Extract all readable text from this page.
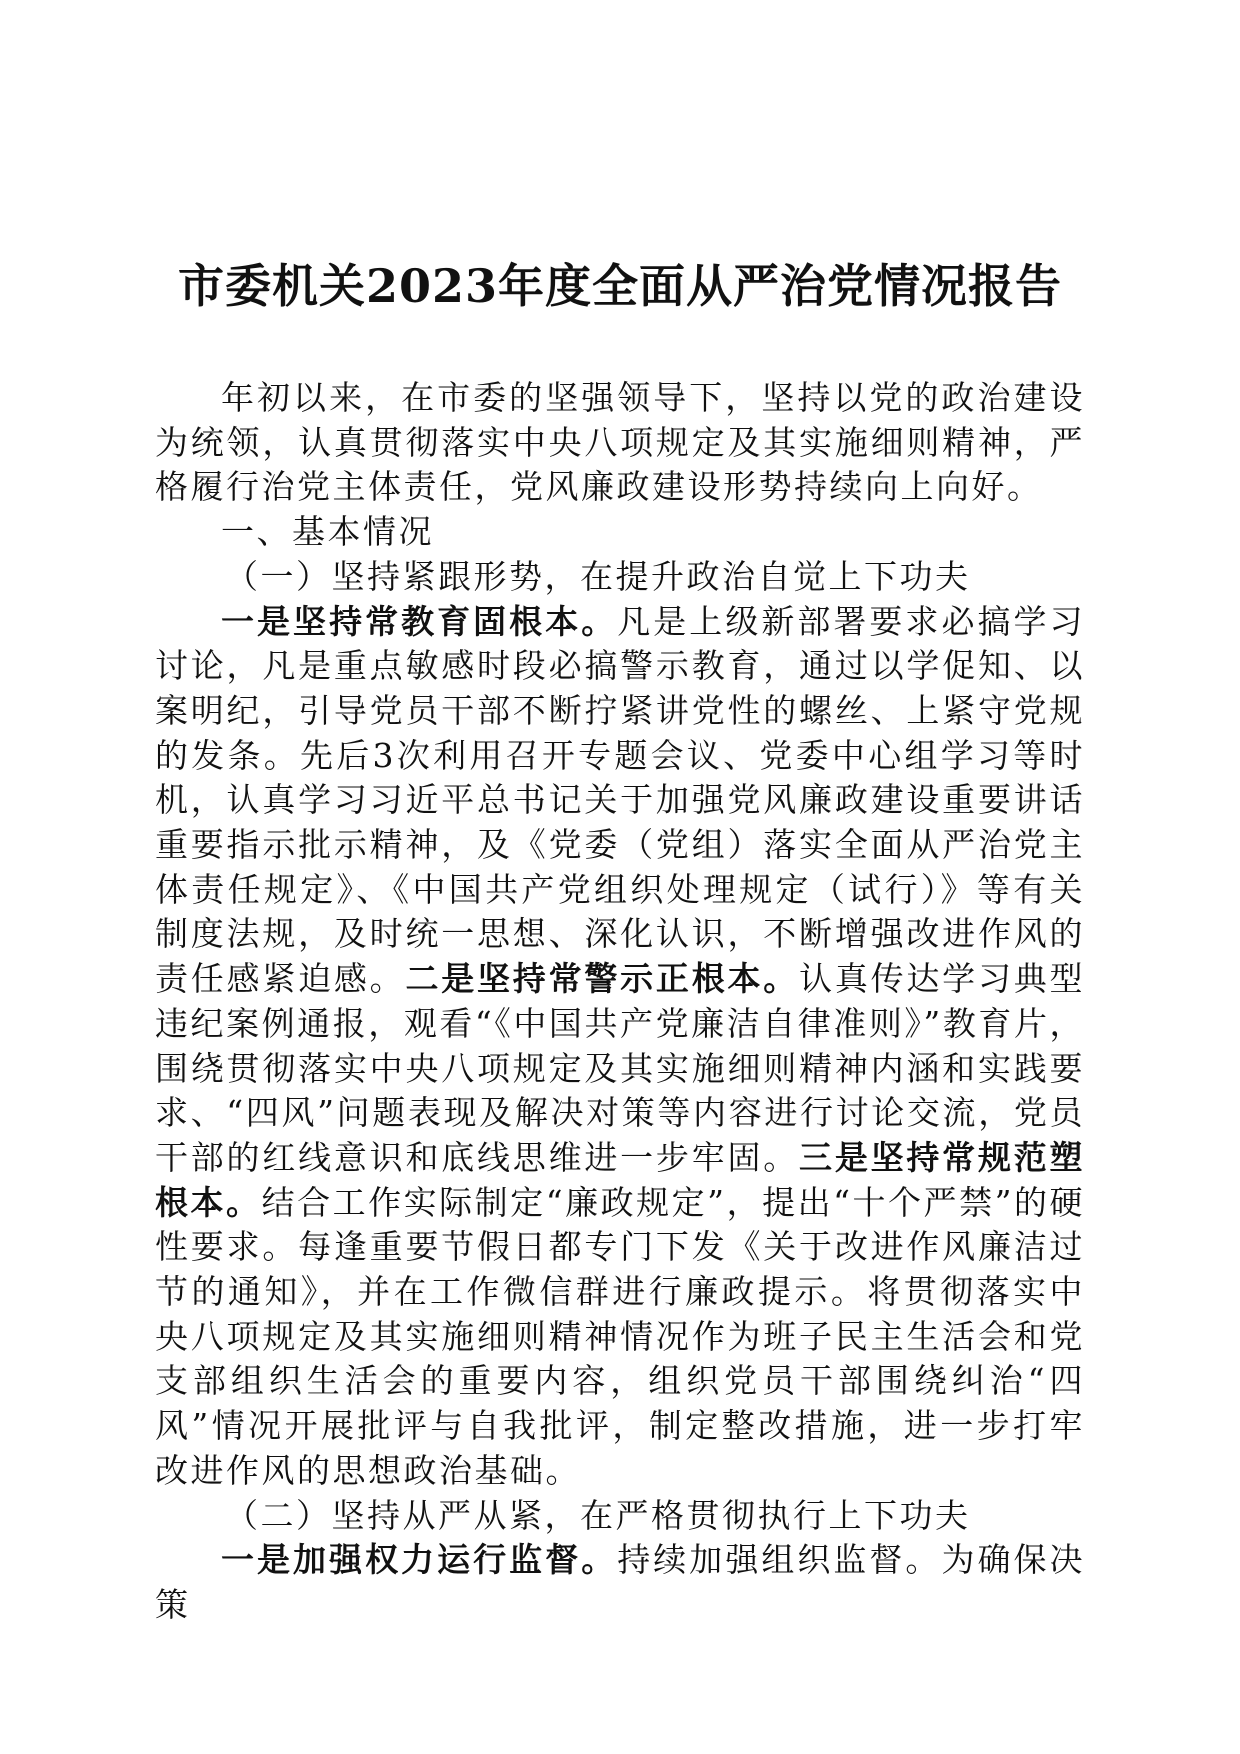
市委机关2023年度全面从严治党情况报告

年初以来，在市委的坚强领导下，坚持以党的政治建设为统领，认真贯彻落实中央八项规定及其实施细则精神，严格履行治党主体责任，党风廉政建设形势持续向上向好。

一、基本情况

（一）坚持紧跟形势，在提升政治自觉上下功夫

一是坚持常教育固根本。凡是上级新部署要求必搞学习讨论，凡是重点敏感时段必搞警示教育，通过以学促知、以案明纪，引导党员干部不断拧紧讲党性的螺丝、上紧守党规的发条。先后3次利用召开专题会议、党委中心组学习等时机，认真学习习近平总书记关于加强党风廉政建设重要讲话重要指示批示精神，及《党委（党组）落实全面从严治党主体责任规定》、《中国共产党组织处理规定（试行）》等有关制度法规，及时统一思想、深化认识，不断增强改进作风的责任感紧迫感。二是坚持常警示正根本。认真传达学习典型违纪案例通报，观看“《中国共产党廉洁自律准则》”教育片，围绕贯彻落实中央八项规定及其实施细则精神内涵和实践要求、“四风”问题表现及解决对策等内容进行讨论交流，党员干部的红线意识和底线思维进一步牢固。三是坚持常规范塑根本。结合工作实际制定“廉政规定”，提出“十个严禁”的硬性要求。每逢重要节假日都专门下发《关于改进作风廉洁过节的通知》，并在工作微信群进行廉政提示。将贯彻落实中央八项规定及其实施细则精神情况作为班子民主生活会和党支部组织生活会的重要内容，组织党员干部围绕纠治“四风”情况开展批评与自我批评，制定整改措施，进一步打牢改进作风的思想政治基础。

（二）坚持从严从紧，在严格贯彻执行上下功夫

一是加强权力运行监督。持续加强组织监督。为确保决策
